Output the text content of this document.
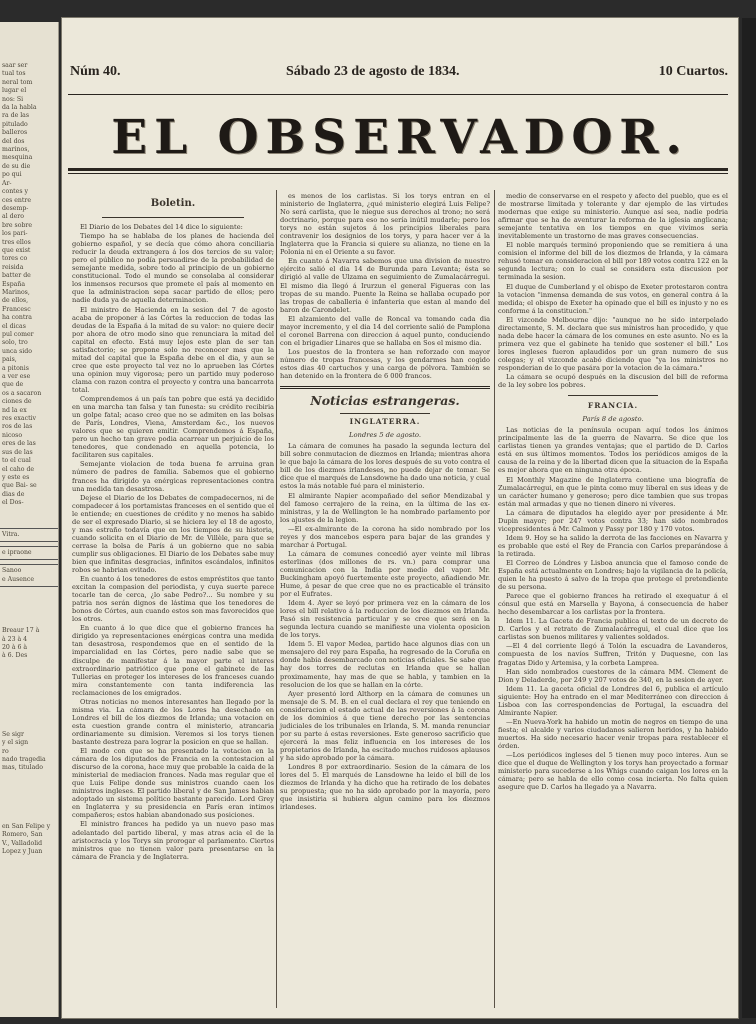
saar ser
tual tos
neral tom
lugar el
nos: Si
da la habla
ra de las
pitulado
balleros
del dos
marinos,
mesquina
de su die
po qui
Ar-
contes y
ces entre
desemp-
al dero
bre sobre
los pari-
tres ellos
que exist
tores co
reisida
batter de
España
Marinos,
de ellos,
Francesc
ha contra
el dicas
pul comer
solo, tro
unca sido
pais,
a pitonis
a ver ese
que de
os a sacaron
ciones de
nd la ex
res exactiv
ros de las
nicoso
eres de las
sus de las
to el cual
el caho de
y este es
que Bai- se
dias de
el Dos-
Vitra.
e ipraone
Sanoo
e Ausence
Breaur 17 à
à 23 à 4
20 à 6 à
à 6. Des
Se sigr
y el sign
ro
nado tragedia
mas, titulado
en San Felipe y
Romero, San
V., Valladolid
Lopez y Juan
Núm 40.	Sábado 23 de agosto de 1834.	10 Cuartos.
EL OBSERVADOR.
Boletin.

El Diario de los Debates del 14 dice lo siguiente:

Tiempo ha se hablaba de los planes de hacienda del gobierno español, y se decía que cómo ahora conciliaria reducir la deuda extrangera á los dos tercios de su valor; pero el público no podía persuadirse de la probabilidad de semejante medida, sobre todo al principio de un gobierno constitucional. Todo el mundo se consolaba al considerar los inmensos recursos que promete el país al momento en que la administracion sepa sacar partido de ellos; pero nadie duda ya de aquella determinacion.

El ministro de Hacienda en la sesion del 7 de agosto acaba de proponer á las Córtes la reduccion de todas las deudas de la España á la mitad de su valor: no quiere decir por ahora de otro modo sino que renunciara la mitad del capital en efecto. Está muy lejos este plan de ser tan satisfactorio; se propone solo no reconocer mas que la mitad del capital que la España debe en el dia, y aun se cree que este proyecto tal vez no lo aprueben las Córtes una opinion muy vigorosa; pero un partido muy poderoso clama con razon contra el proyecto y contra una bancarrota total.

Comprendemos á un país tan pobre que está ya decidido en una marcha tan falsa y tan funesta: su crédito recibiria un golpe fatal; acaso creo que no se admiten en las bolsas de París, Londres, Viena, Amsterdam &c., los nuevos valores que se quieren emitir. Comprendemos á España, pero un hecho tan grave podia acarrear un perjuicio de los tenedores, que condenado en aquella potencia, lo facilitaren sus capitales.

Semejante violacion de toda buena fe arruina gran número de padres de familia. Sabemos que el gobierno frances ha dirigido ya enérgicas representaciones contra una medida tan desastrosa.

Dejese el Diario de los Debates de compadecernos, ni de compadecer á los portamistas franceses en el sentido que el le entiende; en cuestiones de crédito y no menos ha sabido de ser el expresado Diario, si se hiciera ley el 18 de agosto, y mas estraño todavía que en los tiempos de su historia, cuando solicita en el Diario de Mr. de Villèle, para que se cerrase la bolsa de París á un gobierno que no sabia cumplir sus obligaciones. El Diario de los Debates sabe muy bien que infinitas desgracias, infinitos escándalos, infinitos robos se habrian evitado.

En cuanto á los tenedores de estos empréstitos que tanto excitan la compasion del periodista, y cuya suerte parece tocarle tan de cerca, ¿lo sabe Pedro?... Su nombre y su patria nos serán dignos de lástima que los tenedores de bonos de Córtes, aun cuando estos son mas favorecidos que los otros.

En cuanto á lo que dice que el gobierno frances ha dirigido ya representaciones enérgicas contra una medida tan desastrosa, respondemos que en el sentido de la imparcialidad en las Córtes, pero nadie sabe que se disculpe de manifestar á la mayor parte el interes extraordinario patriótico que pone el gabinete de las Tullerias en proteger los intereses de los franceses cuando mira constantemente con tanta indiferencia las reclamaciones de los emigrados.

Otras noticias no menos interesantes han llegado por la misma via. La cámara de los Lores ha desechado en Londres el bill de los diezmos de Irlanda; una votacion en esta cuestion grande contra el ministerio, atrancaria ordinariamente su dimision. Veremos si los torys tienen bastante destreza para lograr la posicion en que se hallan.

El modo con que se ha presentado la votacion en la cámara de los diputados de Francia en la contestacion al discurso de la corona, hace muy que probable la caida de la ministerial de mediacion frances. Nada mas regular que el que Luis Felipe donde sus ministros cuando caen los ministros ingleses. El partido liberal y de San James habian adoptado un sistema político bastante parecido. Lord Grey en Inglaterra y su presidencia en París eran intimos compañeros; estos habian abandonado sus posiciones.

El ministro frances ha pedido ya un nuevo paso mas adelantado del partido liberal, y mas atras acia el de la aristocracia y los Torys sin prorogar el parlamento. Ciertos ministros que no tienen valor para presentarse en la cámara de Francia y de Inglaterra.

es menos de los carlistas. Si los torys entran en el ministerio de Inglaterra, ¿qué ministerio elegirá Luis Felipe? No será carlista, que le niegue sus derechos al trono; no será doctrinario, porque para eso no sería inútil mudarle; pero los torys no están sujetos á los principios liberales para contravenir los designios de los torys, y para hacer ver á la Inglaterra que la Francia si quiere su alianza, no tiene en la Polonia ni en el Oriente a su favor.

En cuanto á Navarra sabemos que una division de nuestro ejército salió el dia 14 de Burunda para Levanta; ésta se dirigió al valle de Ulzama en seguimiento de Zumalacárregui. El mismo dia llegó á Irurzun el general Figueras con las tropas de su mando. Puente la Reina se hallaba ocupado por las tropas de caballeria é infanteria que estan al mando del baron de Carondelet.

El alzamiento del valle de Roncal va tomando cada dia mayor incremento, y el dia 14 del corriente salió de Pamplona el coronel Barrena con direccion á aquel punto, conduciendo con el brigadier Linares que se hallaba en Sos el mismo dia.

Los puestos de la frontera se han reforzado con mayor número de tropas francesas, y los gendarmes han cogido estos dias 40 cartuchos y una carga de pólvora. También se han detenido en la frontera de 6 000 francos.

Noticias estrangeras.
INGLATERRA.
Londres 5 de agosto.

La cámara de comunes ha pasado la segunda lectura del bill sobre conmutacion de diezmos en Irlanda; mientras ahora le que bajo la cámara de los lores después de su voto contra el bill de los diezmos irlandeses, no puede dejar de tomar. Se dice que el marqués de Lansdowne ha dado una noticia, y cual estos la más notable fué para el ministerio.

El almirante Napier acompañado del señor Mendizabal y del famoso cerrajero de la reina, en la última de las ex-ministras, y la de Wellington le ha nombrado parlamento por los ajustes de la legion.

—El ex-almirante de la corona ha sido nombrado por los reyes y dos mancebos espera para bajar de las grandes y marchar á Portugal.

La cámara de comunes concedió ayer veinte mil libras esterlinas (dos millones de rs. vn.) para comprar una comunicacion con la India por medio del vapor. Mr. Buckingham apoyó fuertemente este proyecto, añadiendo Mr. Hume, á pesar de que cree que no es practicable el tránsito por el Eufrates.

Idem 4. Ayer se leyó por primera vez en la cámara de los lores el bill relativo á la reduccion de los diezmos en Irlanda. Pasó sin resistencia particular y se cree que será en la segunda lectura cuando se manifieste una violenta oposicion de los torys.

Idem 5. El vapor Medea, partido hace algunos dias con un mensajero del rey para España, ha regresado de la Coruña en donde habia desembarcado con noticias oficiales. Se sabe que hay dos torres de reclutas en Irlanda que se hallan proximamente, hay mas de que se habla, y tambien en la resolucion de los que se hallan en la córte.

Ayer presentó lord Althorp en la cámara de comunes un mensaje de S. M. B. en el cual declara el rey que teniendo en consideracion el estado actual de las reversiones á la corona de los dominios á que tiene derecho por las sentencias judiciales de los tribunales en Irlanda, S. M. manda renunciar por su parte á estas reversiones. Este generoso sacrificio que ejercerá la mas feliz influencia en los intereses de los propietarios de Irlanda, ha escitado muchos ruidosos aplausos y ha sido aprobado por la cámara.

Londres 8 por extraordinario. Sesion de la cámara de los lores del 5. El marqués de Lansdowne ha leido el bill de los diezmos de Irlanda y ha dicho que ha retirado de los debates su propuesta; que no ha sido aprobado por la mayoría, pero que insistiria si hubiera algun camino para los diezmos irlandeses.

medio de conservarse en el respeto y afecto del pueblo, que es el de mostrarse limitada y tolerante y dar ejemplo de las virtudes modernas que exige su ministerio. Aunque así sea, nadie podria afirmar que se ha de aventurar la reforma de la iglesia anglicana; semejante tentativa en los tiempos en que vivimos seria inevitablemente un trastorno de mas graves consecuencias.

El noble marqués terminó proponiendo que se remitiera á una comision el informe del bill de los diezmos de Irlanda, y la cámara rehusó tomar en consideracion el bill por 189 votos contra 122 en la segunda lectura; con lo cual se considera esta discusion por terminada la sesion.

El duque de Cumberland y el obispo de Exeter protestaron contra la votacion "inmensa demanda de sus votos, en general contra á la medida; el obispo de Exeter ha opinado que el bill es injusto y no es conforme á la constitucion."

El vizconde Melbourne dijo: "aunque no he sido interpelado directamente, S. M. declara que sus ministros han procedido, y que nada debe hacer la cámara de los comunes en este asunto. No es la primera vez que el gabinete ha tenido que sostener el bill." Los lores ingleses fueron aplaudidos por un gran numero de sus colegas; y el vizconde acabó diciendo que "ya los ministros no responderian de lo que pasára por la votacion de la cámara."

La cámara se ocupó después en la discusion del bill de reforma de la ley sobre los pobres.

FRANCIA.
París 8 de agosto.

Las noticias de la península ocupan aquí todos los ánimos principalmente las de la guerra de Navarra. Se dice que los carlistas tienen ya grandes ventajas; que el partido de D. Carlos está en sus últimos momentos. Todos los periódicos amigos de la causa de la reina y de la libertad dicen que la situacion de la España es mejor ahora que en ninguna otra época.

El Monthly Magazine de Inglaterra contiene una biografía de Zumalacárregui, en que le pinta como muy liberal en sus ideas y de un carácter humano y generoso; pero dice tambien que sus tropas están mal armadas y que no tienen dinero ni víveres.

La cámara de diputados ha elegido ayer por presidente á Mr. Dupin mayor; por 247 votos contra 33; han sido nombrados vicepresidentes á Mr. Calmon y Passy por 180 y 170 votos.

Idem 9. Hoy se ha salido la derrota de las facciones en Navarra y es probable que esté el Rey de Francia con Carlos preparándose á la retirada.

El Correo de Lóndres y Lisboa anuncia que el famoso conde de España está actualmente en Londres; bajo la vigilancia de la policía, quien le ha puesto á salvo de la tropa que protege el pretendiente de su persona.

Parece que el gobierno frances ha retirado el exequatur á el cónsul que está en Marsella y Bayona, á consecuencia de haber hecho desembarcar a los carlistas por la frontera.

Idem 11. La Gaceta de Francia publica el texto de un decreto de D. Carlos y el retrato de Zumalacárregui, el cual dice que los carlistas son buenos militares y valientes soldados.

—El 4 del corriente llegó á Tolón la escuadra de Lavanderos, compuesta de los navíos Suffren, Tritón y Duquesne, con las fragatas Dido y Artemisa, y la corbeta Lamprea.

Han sido nombrados cuestores de la cámara MM. Clement de Dion y Deladerde, por 249 y 207 votos de 340, en la sesion de ayer.

Idem 11. La gaceta oficial de Londres del 6, publica el artículo siguiente: Hoy ha entrado en el mar Mediterráneo con direccion á Lisboa con las correspondencias de Portugal, la escuadra del Almirante Napier.

—En Nueva-York ha habido un motin de negros en tiempo de una fiesta; el alcalde y varios ciudadanos salieron heridos, y ha habido muertos. Ha sido necesario hacer venir tropas para restablecer el órden.

—Los periódicos ingleses del 5 tienen muy poco interes. Aun se dice que el duque de Wellington y los torys han proyectado a formar ministerio para sucederse a los Whigs cuando caigan los lores en la cámara; pero se habla de ello como cosa incierta. No falta quien asegure que D. Carlos ha llegado ya a Navarra.
